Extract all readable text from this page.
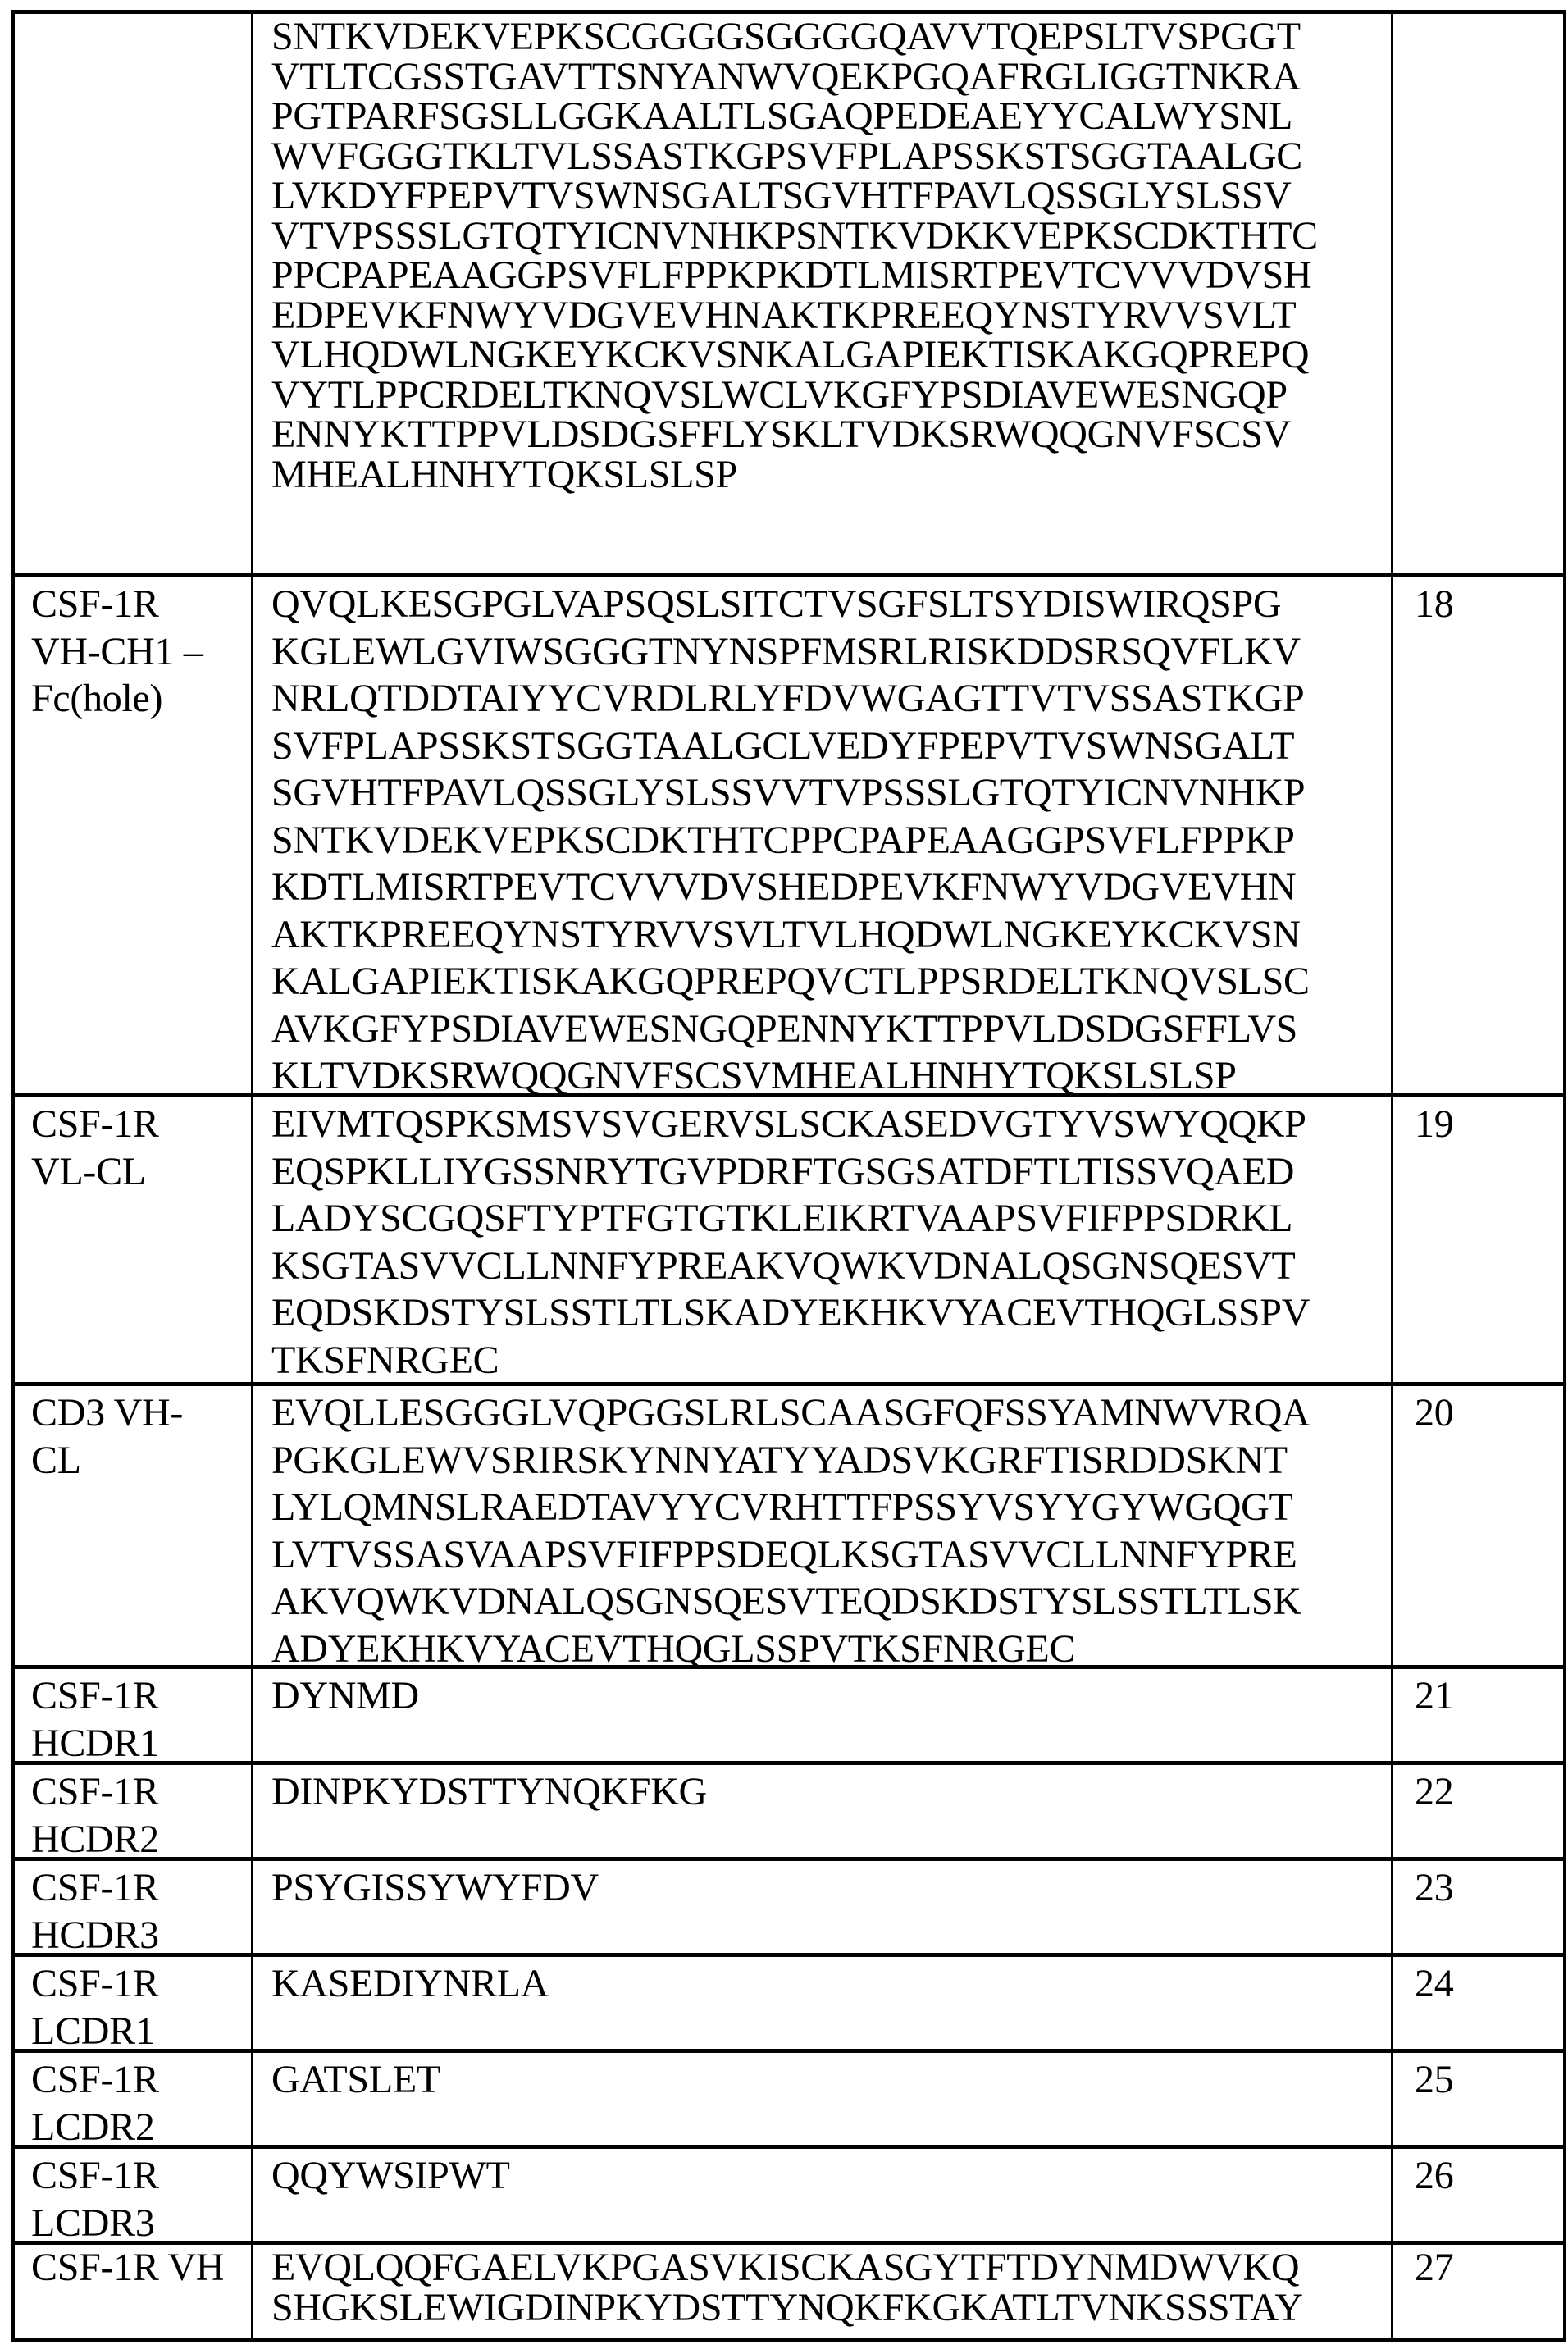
SNTKVDEKVEPKSCGGGGSGGGGQAVVTQEPSLTVSPGGT
VTLTCGSSTGAVTTSNYANWVQEKPGQAFRGLIGGTNKRA
PGTPARFSGSLLGGKAALTLSGAQPEDEAEYYCALWYSNL
WVFGGGTKLTVLSSASTKGPSVFPLAPSSKSTSGGTAALGC
LVKDYFPEPVTVSWNSGALTSGVHTFPAVLQSSGLYSLSSV
VTVPSSSLGTQTYICNVNHKPSNTKVDKKVEPKSCDKTHTC
PPCPAPEAAGGPSVFLFPPKPKDTLMISRTPEVTCVVVDVSH
EDPEVKFNWYVDGVEVHNAKTKPREEQYNSTYRVVSVLT
VLHQDWLNGKEYKCKVSNKALGAPIEKTISKAKGQPREPQ
VYTLPPCRDELTKNQVSLWCLVKGFYPSDIAVEWESNGQP
ENNYKTTPPVLDSDGSFFLYSKLTVDKSRWQQGNVFSCSV
MHEALHNHYTQKSLSLSP
CSF-1R
VH-CH1 –
Fc(hole)
QVQLKESGPGLVAPSQSLSITCTVSGFSLTSYDISWIRQSPG
KGLEWLGVIWSGGGTNYNSPFMSRLRISKDDSRSQVFLKV
NRLQTDDTAIYYCVRDLRLYFDVWGAGTTVTVSSASTKGP
SVFPLAPSSKSTSGGTAALGCLVEDYFPEPVTVSWNSGALT
SGVHTFPAVLQSSGLYSLSSVVTVPSSSLGTQTYICNVNHKP
SNTKVDEKVEPKSCDKTHTCPPCPAPEAAGGPSVFLFPPKP
KDTLMISRTPEVTCVVVDVSHEDPEVKFNWYVDGVEVHN
AKTKPREEQYNSTYRVVSVLTVLHQDWLNGKEYKCKVSN
KALGAPIEKTISKAKGQPREPQVCTLPPSRDELTKNQVSLSC
AVKGFYPSDIAVEWESNGQPENNYKTTPPVLDSDGSFFLVS
KLTVDKSRWQQGNVFSCSVMHEALHNHYTQKSLSLSP
18
CSF-1R
VL-CL
EIVMTQSPKSMSVSVGERVSLSCKASEDVGTYVSWYQQKP
EQSPKLLIYGSSNRYTGVPDRFTGSGSATDFTLTISSVQAED
LADYSCGQSFTYPTFGTGTKLEIKRTVAAPSVFIFPPSDRKL
KSGTASVVCLLNNFYPREAKVQWKVDNALQSGNSQESVT
EQDSKDSTYSLSSTLTLSKADYEKHKVYACEVTHQGLSSPV
TKSFNRGEC
19
CD3 VH-
CL
EVQLLESGGGLVQPGGSLRLSCAASGFQFSSYAMNWVRQA
PGKGLEWVSRIRSKYNNYATYYADSVKGRFTISRDDSKNT
LYLQMNSLRAEDTAVYYCVRHTTFPSSYVSYYGYWGQGT
LVTVSSASVAAPSVFIFPPSDEQLKSGTASVVCLLNNFYPRE
AKVQWKVDNALQSGNSQESVTEQDSKDSTYSLSSTLTLSK
ADYEKHKVYACEVTHQGLSSPVTKSFNRGEC
20
CSF-1R
HCDR1
DYNMD	21
CSF-1R
HCDR2
DINPKYDSTTYNQKFKG	22
CSF-1R
HCDR3
PSYGISSYWYFDV	23
CSF-1R
LCDR1
KASEDIYNRLA	24
CSF-1R
LCDR2
GATSLET	25
CSF-1R
LCDR3
QQYWSIPWT	26
CSF-1R VH	EVQLQQFGAELVKPGASVKISCKASGYTFTDYNMDWVKQ
SHGKSLEWIGDINPKYDSTTYNQKFKGKATLTVNKSSSTAY
27
